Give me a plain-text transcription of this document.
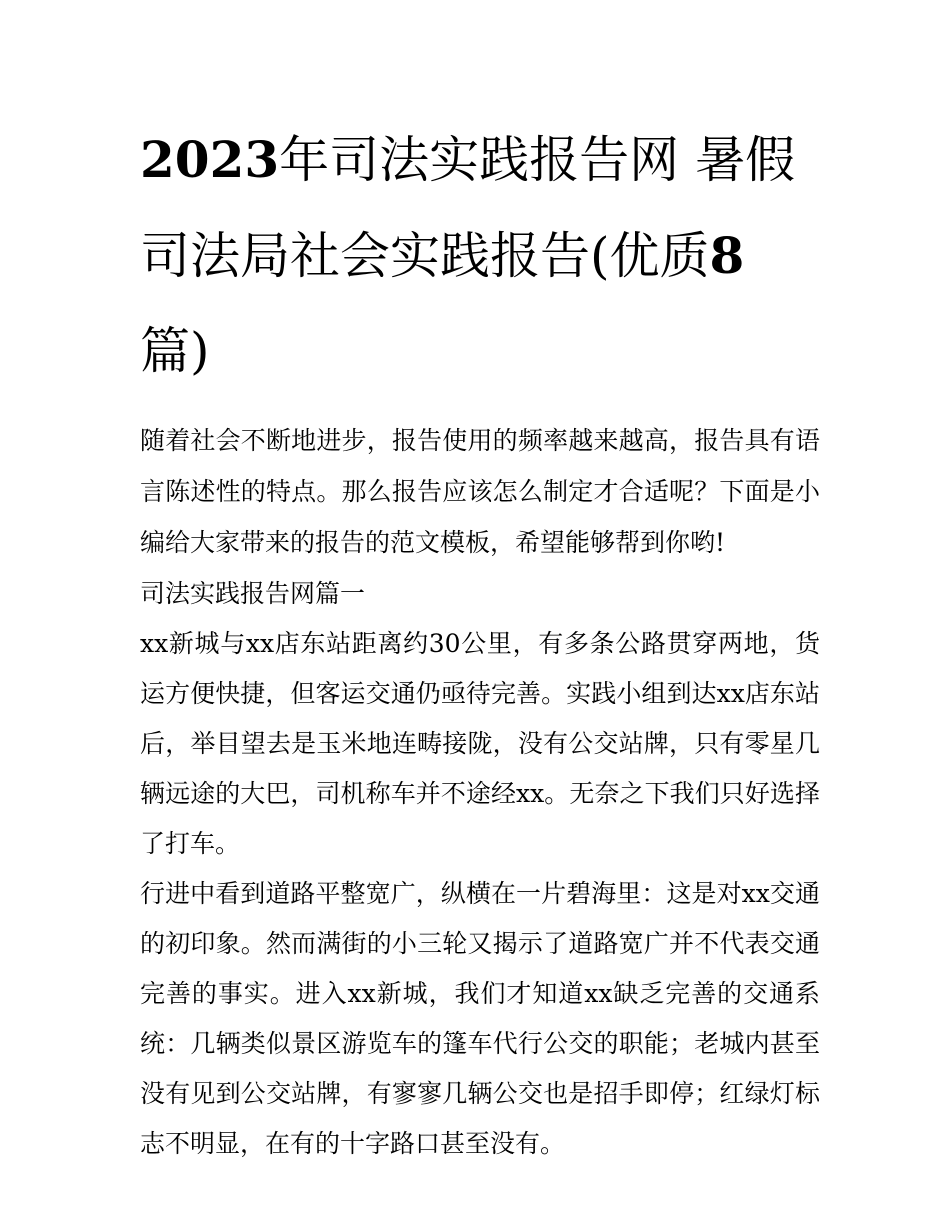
2023年司法实践报告网 暑假
司法局社会实践报告(优质8
篇)

随着社会不断地进步，报告使用的频率越来越高，报告具有语言陈述性的特点。那么报告应该怎么制定才合适呢？下面是小编给大家带来的报告的范文模板，希望能够帮到你哟!

司法实践报告网篇一

xx新城与xx店东站距离约30公里，有多条公路贯穿两地，货运方便快捷，但客运交通仍亟待完善。实践小组到达xx店东站后，举目望去是玉米地连畴接陇，没有公交站牌，只有零星几辆远途的大巴，司机称车并不途经xx。无奈之下我们只好选择了打车。

行进中看到道路平整宽广，纵横在一片碧海里：这是对xx交通的初印象。然而满街的小三轮又揭示了道路宽广并不代表交通完善的事实。进入xx新城，我们才知道xx缺乏完善的交通系统：几辆类似景区游览车的篷车代行公交的职能；老城内甚至没有见到公交站牌，有寥寥几辆公交也是招手即停；红绿灯标志不明显，在有的十字路口甚至没有。
